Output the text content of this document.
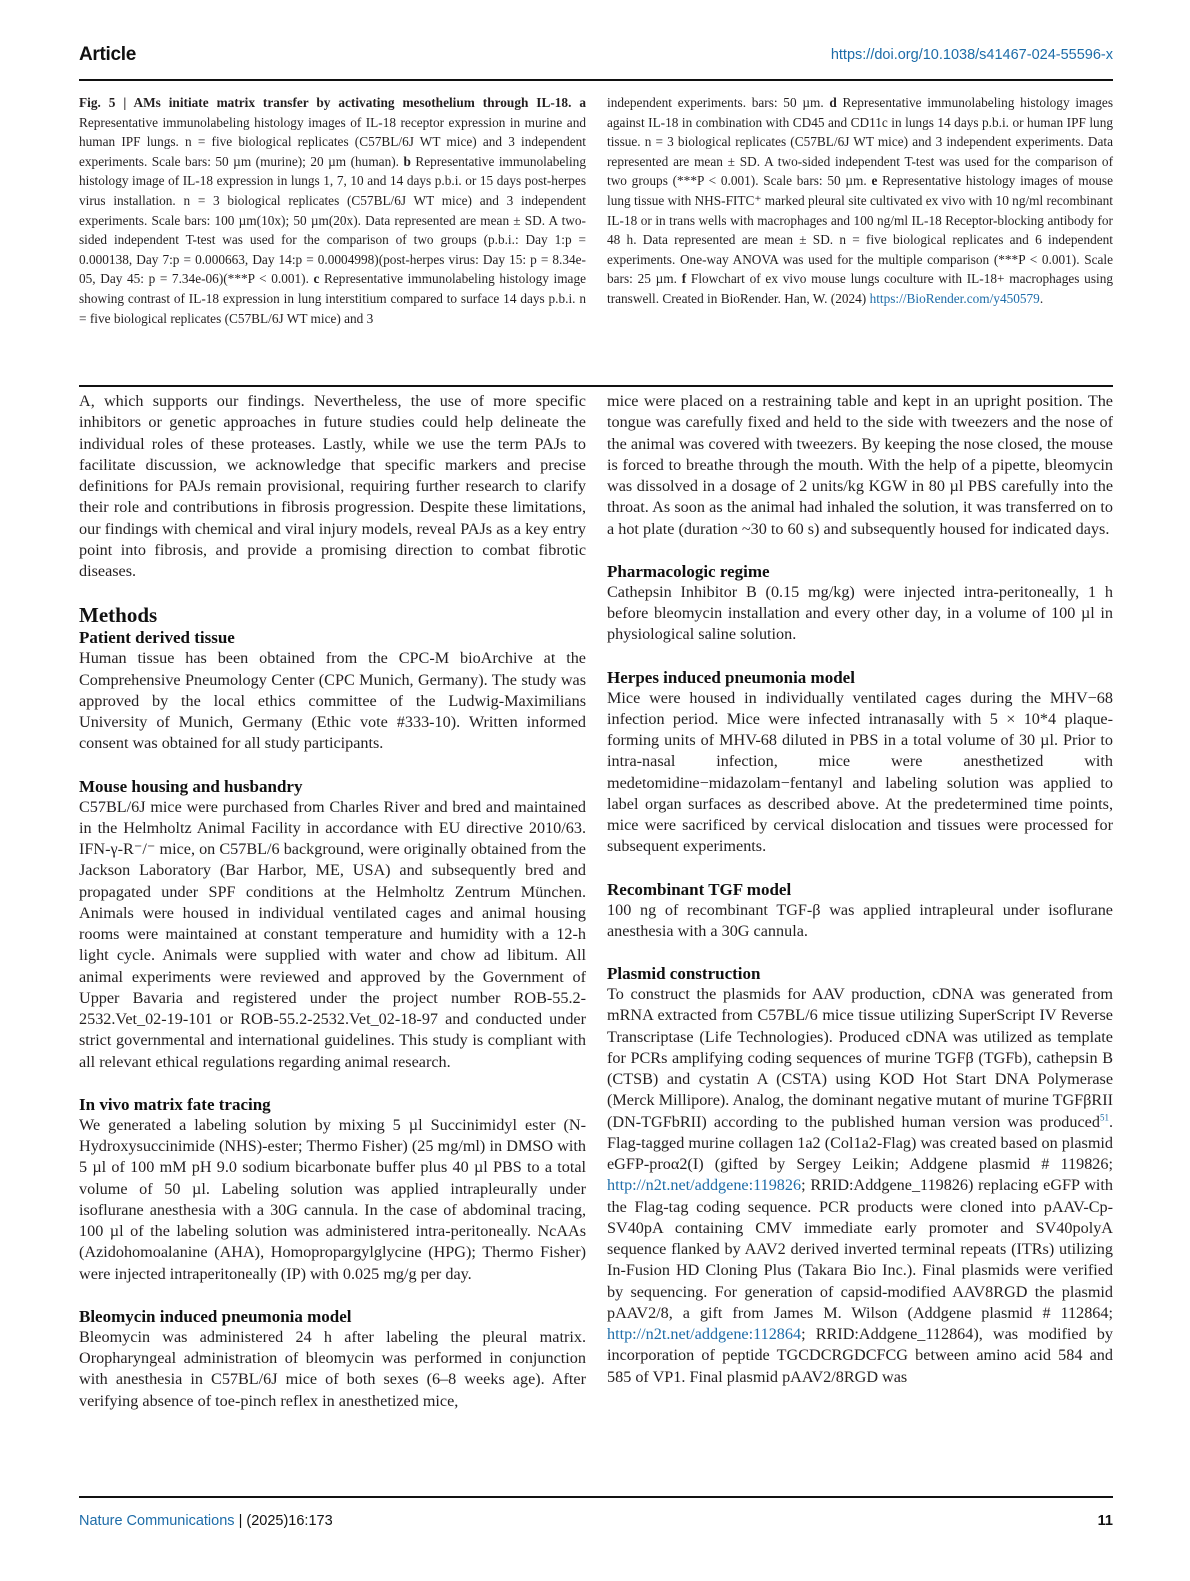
Article	https://doi.org/10.1038/s41467-024-55596-x
Fig. 5 | AMs initiate matrix transfer by activating mesothelium through IL-18. a Representative immunolabeling histology images of IL-18 receptor expression in murine and human IPF lungs. n = five biological replicates (C57BL/6J WT mice) and 3 independent experiments. Scale bars: 50 µm (murine); 20 µm (human). b Representative immunolabeling histology image of IL-18 expression in lungs 1, 7, 10 and 14 days p.b.i. or 15 days post-herpes virus installation. n = 3 biological replicates (C57BL/6J WT mice) and 3 independent experiments. Scale bars: 100 µm(10x); 50 µm(20x). Data represented are mean ± SD. A two-sided independent T-test was used for the comparison of two groups (p.b.i.: Day 1:p = 0.000138, Day 7:p = 0.000663, Day 14:p = 0.0004998)(post-herpes virus: Day 15: p = 8.34e-05, Day 45: p = 7.34e-06)(***P < 0.001). c Representative immunolabeling histology image showing contrast of IL-18 expression in lung interstitium compared to surface 14 days p.b.i. n = five biological replicates (C57BL/6J WT mice) and 3
independent experiments. bars: 50 µm. d Representative immunolabeling histology images against IL-18 in combination with CD45 and CD11c in lungs 14 days p.b.i. or human IPF lung tissue. n = 3 biological replicates (C57BL/6J WT mice) and 3 independent experiments. Data represented are mean ± SD. A two-sided independent T-test was used for the comparison of two groups (***P < 0.001). Scale bars: 50 µm. e Representative histology images of mouse lung tissue with NHS-FITC⁺ marked pleural site cultivated ex vivo with 10 ng/ml recombinant IL-18 or in trans wells with macrophages and 100 ng/ml IL-18 Receptor-blocking antibody for 48 h. Data represented are mean ± SD. n = five biological replicates and 6 independent experiments. One-way ANOVA was used for the multiple comparison (***P < 0.001). Scale bars: 25 µm. f Flowchart of ex vivo mouse lungs coculture with IL-18+ macrophages using transwell. Created in BioRender. Han, W. (2024) https://BioRender.com/y450579.

A, which supports our findings. Nevertheless, the use of more specific inhibitors or genetic approaches in future studies could help delineate the individual roles of these proteases. Lastly, while we use the term PAJs to facilitate discussion, we acknowledge that specific markers and precise definitions for PAJs remain provisional, requiring further research to clarify their role and contributions in fibrosis progression. Despite these limitations, our findings with chemical and viral injury models, reveal PAJs as a key entry point into fibrosis, and provide a promising direction to combat fibrotic diseases.

Methods
Patient derived tissue

Human tissue has been obtained from the CPC-M bioArchive at the Comprehensive Pneumology Center (CPC Munich, Germany). The study was approved by the local ethics committee of the Ludwig-Maximilians University of Munich, Germany (Ethic vote #333-10). Written informed consent was obtained for all study participants.

Mouse housing and husbandry

C57BL/6J mice were purchased from Charles River and bred and maintained in the Helmholtz Animal Facility in accordance with EU directive 2010/63. IFN-γ-R⁻/⁻ mice, on C57BL/6 background, were originally obtained from the Jackson Laboratory (Bar Harbor, ME, USA) and subsequently bred and propagated under SPF conditions at the Helmholtz Zentrum München. Animals were housed in individual ventilated cages and animal housing rooms were maintained at constant temperature and humidity with a 12-h light cycle. Animals were supplied with water and chow ad libitum. All animal experiments were reviewed and approved by the Government of Upper Bavaria and registered under the project number ROB-55.2-2532.Vet_02-19-101 or ROB-55.2-2532.Vet_02-18-97 and conducted under strict governmental and international guidelines. This study is compliant with all relevant ethical regulations regarding animal research.

In vivo matrix fate tracing

We generated a labeling solution by mixing 5 µl Succinimidyl ester (N-Hydroxysuccinimide (NHS)-ester; Thermo Fisher) (25 mg/ml) in DMSO with 5 µl of 100 mM pH 9.0 sodium bicarbonate buffer plus 40 µl PBS to a total volume of 50 µl. Labeling solution was applied intrapleurally under isoflurane anesthesia with a 30G cannula. In the case of abdominal tracing, 100 µl of the labeling solution was administered intra-peritoneally. NcAAs (Azidohomoalanine (AHA), Homopropargylglycine (HPG); Thermo Fisher) were injected intraperitoneally (IP) with 0.025 mg/g per day.

Bleomycin induced pneumonia model

Bleomycin was administered 24 h after labeling the pleural matrix. Oropharyngeal administration of bleomycin was performed in conjunction with anesthesia in C57BL/6J mice of both sexes (6–8 weeks age). After verifying absence of toe-pinch reflex in anesthetized mice,

mice were placed on a restraining table and kept in an upright position. The tongue was carefully fixed and held to the side with tweezers and the nose of the animal was covered with tweezers. By keeping the nose closed, the mouse is forced to breathe through the mouth. With the help of a pipette, bleomycin was dissolved in a dosage of 2 units/kg KGW in 80 µl PBS carefully into the throat. As soon as the animal had inhaled the solution, it was transferred on to a hot plate (duration ~30 to 60 s) and subsequently housed for indicated days.

Pharmacologic regime

Cathepsin Inhibitor B (0.15 mg/kg) were injected intra-peritoneally, 1 h before bleomycin installation and every other day, in a volume of 100 µl in physiological saline solution.

Herpes induced pneumonia model

Mice were housed in individually ventilated cages during the MHV−68 infection period. Mice were infected intranasally with 5 × 10*4 plaque-forming units of MHV-68 diluted in PBS in a total volume of 30 µl. Prior to intra-nasal infection, mice were anesthetized with medetomidine−midazolam−fentanyl and labeling solution was applied to label organ surfaces as described above. At the predetermined time points, mice were sacrificed by cervical dislocation and tissues were processed for subsequent experiments.

Recombinant TGF model

100 ng of recombinant TGF-β was applied intrapleural under isoflurane anesthesia with a 30G cannula.

Plasmid construction

To construct the plasmids for AAV production, cDNA was generated from mRNA extracted from C57BL/6 mice tissue utilizing SuperScript IV Reverse Transcriptase (Life Technologies). Produced cDNA was utilized as template for PCRs amplifying coding sequences of murine TGFβ (TGFb), cathepsin B (CTSB) and cystatin A (CSTA) using KOD Hot Start DNA Polymerase (Merck Millipore). Analog, the dominant negative mutant of murine TGFβRII (DN-TGFbRII) according to the published human version was produced$^{51}$. Flag-tagged murine collagen 1a2 (Col1a2-Flag) was created based on plasmid eGFP-proα2(I) (gifted by Sergey Leikin; Addgene plasmid # 119826; http://n2t.net/addgene:119826; RRID:Addgene_119826) replacing eGFP with the Flag-tag coding sequence. PCR products were cloned into pAAV-Cp-SV40pA containing CMV immediate early promoter and SV40polyA sequence flanked by AAV2 derived inverted terminal repeats (ITRs) utilizing In-Fusion HD Cloning Plus (Takara Bio Inc.). Final plasmids were verified by sequencing. For generation of capsid-modified AAV8RGD the plasmid pAAV2/8, a gift from James M. Wilson (Addgene plasmid # 112864; http://n2t.net/addgene:112864; RRID:Addgene_112864), was modified by incorporation of peptide TGCDCRGDCFCG between amino acid 584 and 585 of VP1. Final plasmid pAAV2/8RGD was

Nature Communications | (2025)16:173	11
